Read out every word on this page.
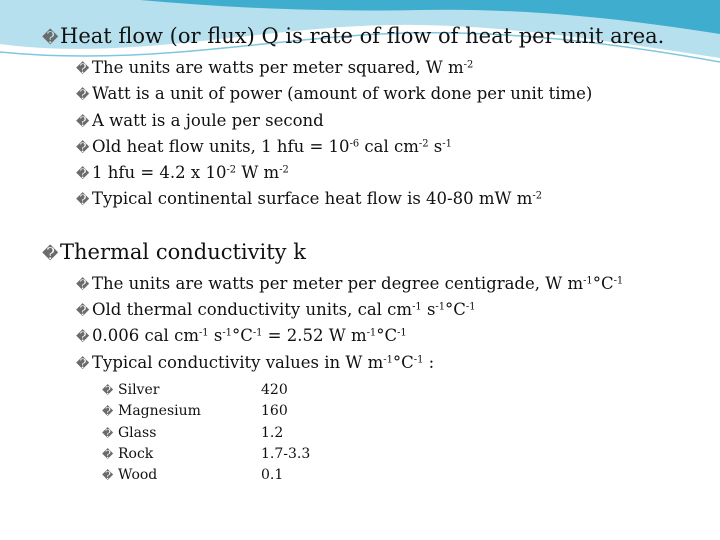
�Heat flow (or flux) Q is rate of flow of heat per unit area.
� The units are watts per meter squared, W $m^{-2}$
� Watt is a unit of power (amount of work done per unit time)
� A watt is a joule per second
� Old heat flow units, 1 hfu = $10^{-6}$ cal $cm^{-2}$ $s^{-1}$
� 1 hfu = 4.2 x $10^{-2}$ W $m^{-2}$
� Typical continental surface heat flow is 40-80 mW $m^{-2}$
�Thermal conductivity k
� The units are watts per meter per degree centigrade, W $m^{-1}^\circ C^{-1}$
� Old thermal conductivity units, cal $cm^{-1}$ $s^{-1}^\circ C^{-1}$
� 0.006 cal $cm^{-1}$ $s^{-1}^\circ C^{-1} = 2.52$ W $m^{-1}^\circ C^{-1}$
� Typical conductivity values in W $m^{-1}^\circ C^{-1}$ :
� Silver	420
� Magnesium	160
� Glass	1.2
� Rock	1.7-3.3
� Wood	0.1
